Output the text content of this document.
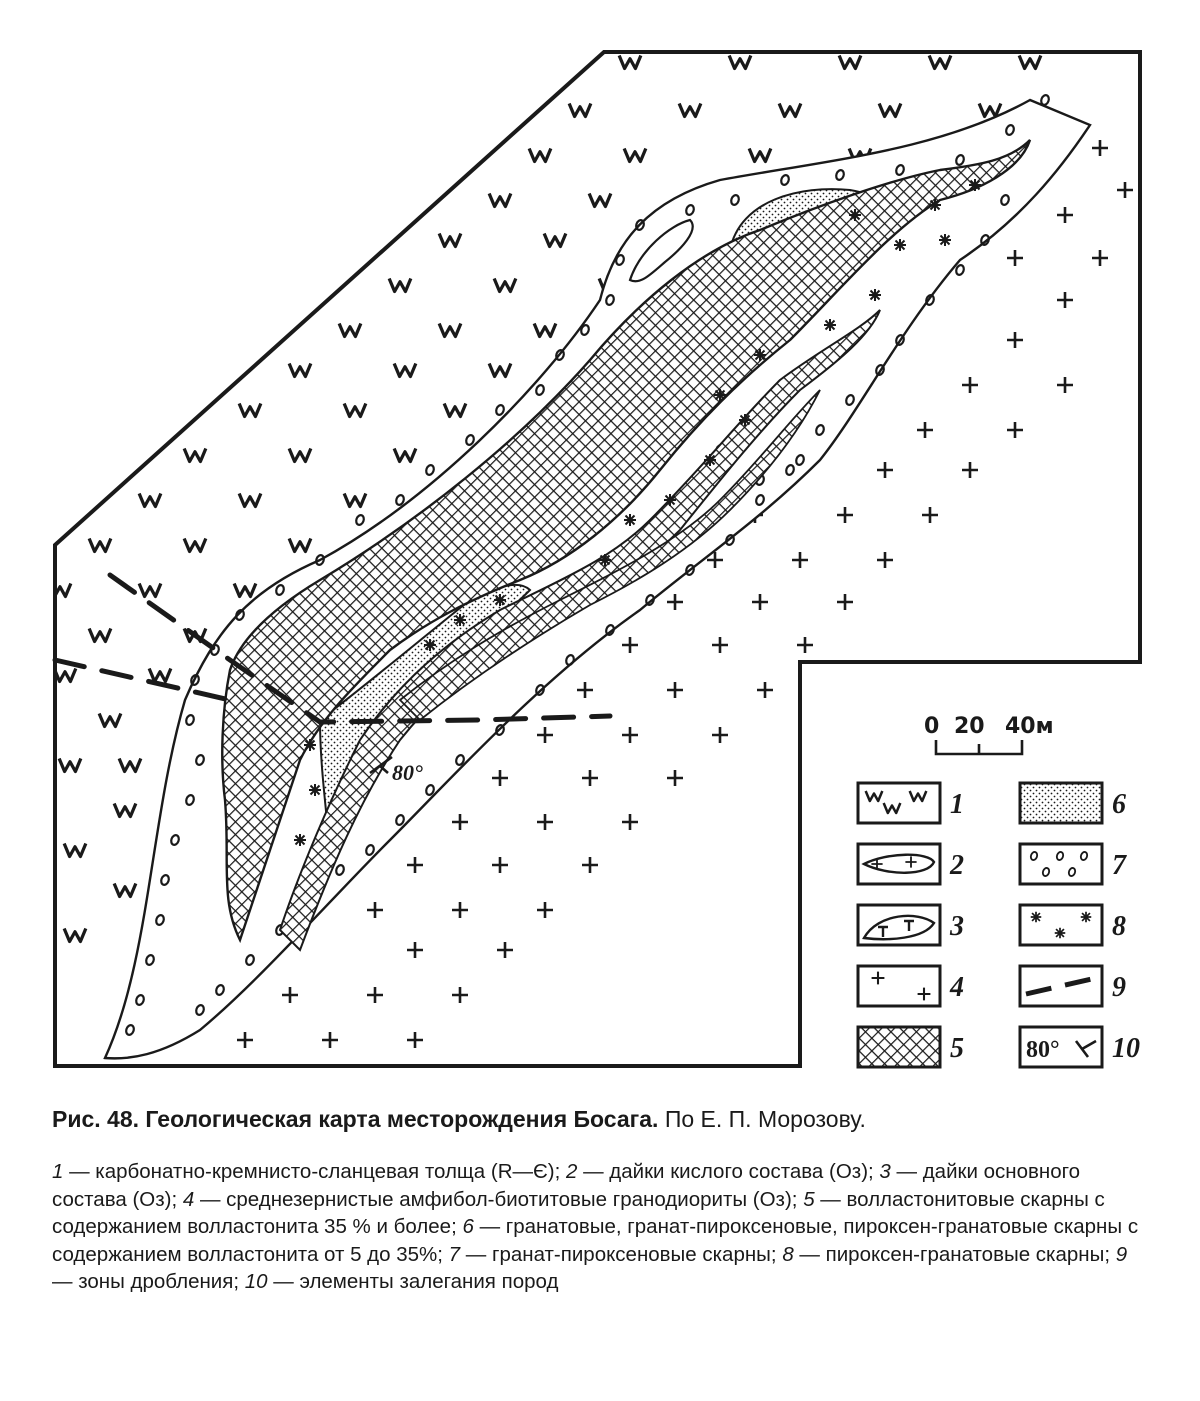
80°
0 20 40м
1
2
3
4
5
6
7
8
9
80° 10
Рис. 48. Геологическая карта месторождения Босага. По Е. П. Морозову.
1 — карбонатно-кремнисто-сланцевая толща (R—Є); 2 — дайки кислого состава (Оз); 3 — дайки основного состава (Оз); 4 — среднезернистые амфибол-биотитовые гранодиориты (Оз); 5 — волластонитовые скарны с содержанием волластонита 35 % и более; 6 — гранатовые, гранат-пироксеновые, пироксен-гранатовые скарны с содержанием волластонита от 5 до 35%; 7 — гранат-пироксеновые скарны; 8 — пироксен-гранатовые скарны; 9 — зоны дробления; 10 — элементы залегания пород
